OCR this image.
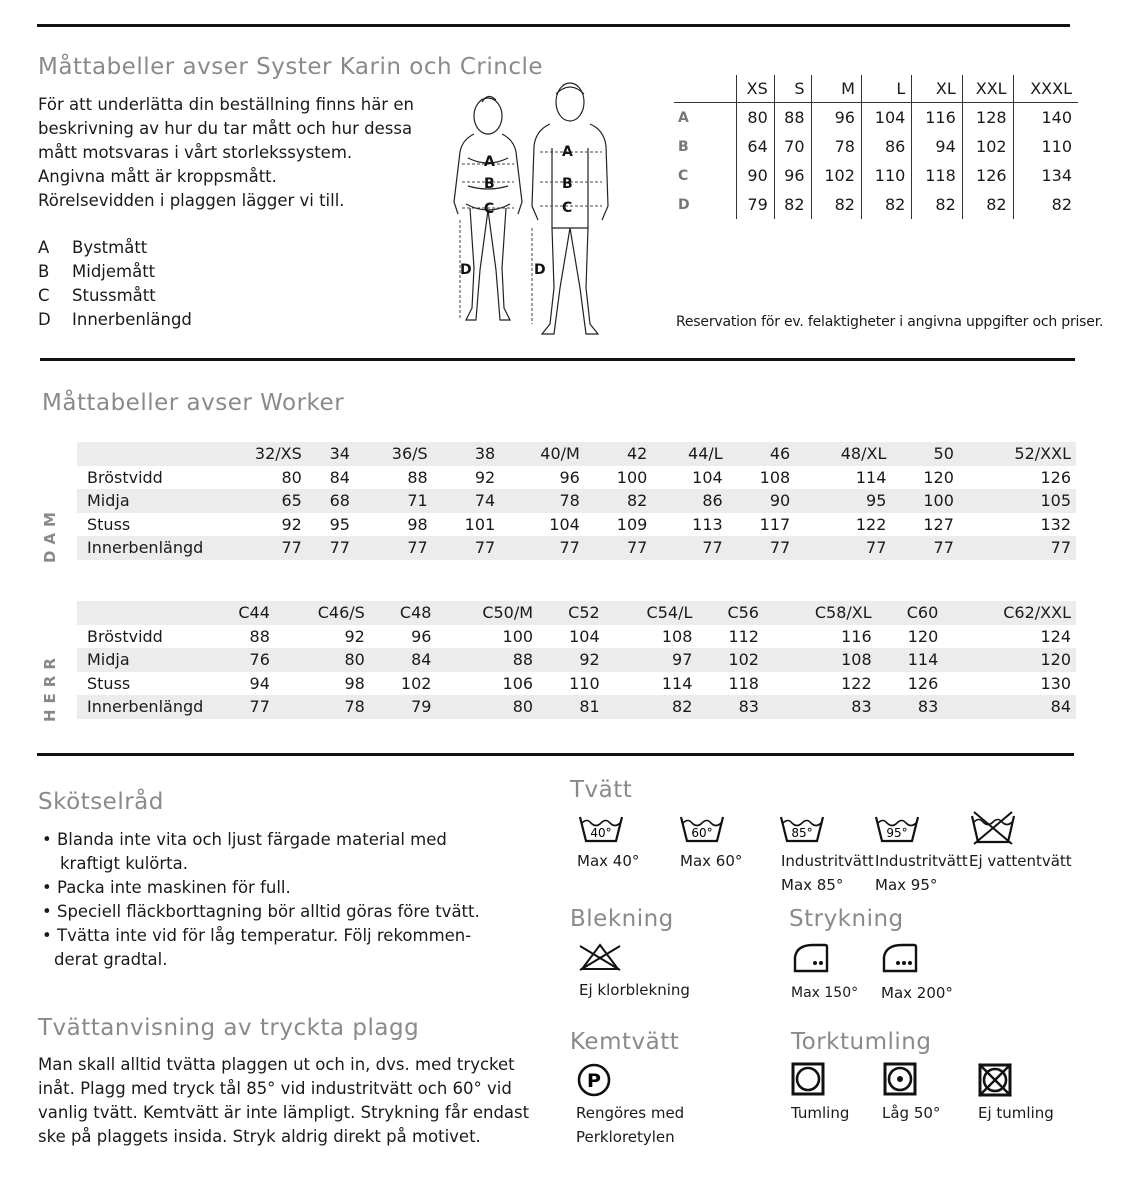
Måttabeller avser Syster Karin och Crincle
För att underlätta din beställning finns här en
beskrivning av hur du tar mått och hur dessa
mått motsvaras i vårt storlekssystem.
Angivna mått är kroppsmått.
Rörelsevidden i plaggen lägger vi till.
A Bystmått
B Midjemått
C Stussmått
D Innerbenlängd
A
B
C
D
A
B
C
D
	XS	S	M	L	XL	XXL	XXXL
A	80	88	96	104	116	128	140
B	64	70	78	86	94	102	110
C	90	96	102	110	118	126	134
D	79	82	82	82	82	82	82
Reservation för ev. felaktigheter i angivna uppgifter och priser.
Måttabeller avser Worker
DAM
	32/XS	34	36/S	38	40/M	42	44/L	46	48/XL	50	52/XXL
Bröstvidd	80	84	88	92	96	100	104	108	114	120	126
Midja	65	68	71	74	78	82	86	90	95	100	105
Stuss	92	95	98	101	104	109	113	117	122	127	132
Innerbenlängd	77	77	77	77	77	77	77	77	77	77	77
HERR
	C44	C46/S	C48	C50/M	C52	C54/L	C56	C58/XL	C60	C62/XXL
Bröstvidd	88	92	96	100	104	108	112	116	120	124
Midja	76	80	84	88	92	97	102	108	114	120
Stuss	94	98	102	106	110	114	118	122	126	130
Innerbenlängd	77	78	79	80	81	82	83	83	83	84
Skötselråd
• Blanda inte vita och ljust färgade material med
kraftigt kulörta.
• Packa inte maskinen för full.
• Speciell fläckborttagning bör alltid göras före tvätt.
• Tvätta inte vid för låg temperatur. Följ rekommen-
derat gradtal.
Tvättanvisning av tryckta plagg
Man skall alltid tvätta plaggen ut och in, dvs. med trycket
inåt. Plagg med tryck tål 85° vid industritvätt och 60° vid
vanlig tvätt. Kemtvätt är inte lämpligt. Strykning får endast
ske på plaggets insida. Stryk aldrig direkt på motivet.
Tvätt
40°	60°	85°	95°
Max 40°	Max 60°	Industritvätt
Max 85°
Industritvätt
Max 95°
Ej vattentvätt
Blekning
Ej klorblekning
Strykning
Max 150° Max 200°
Kemtvätt
P
Rengöres med
Perkloretylen
Torktumling
Tumling Låg 50°	Ej tumling
